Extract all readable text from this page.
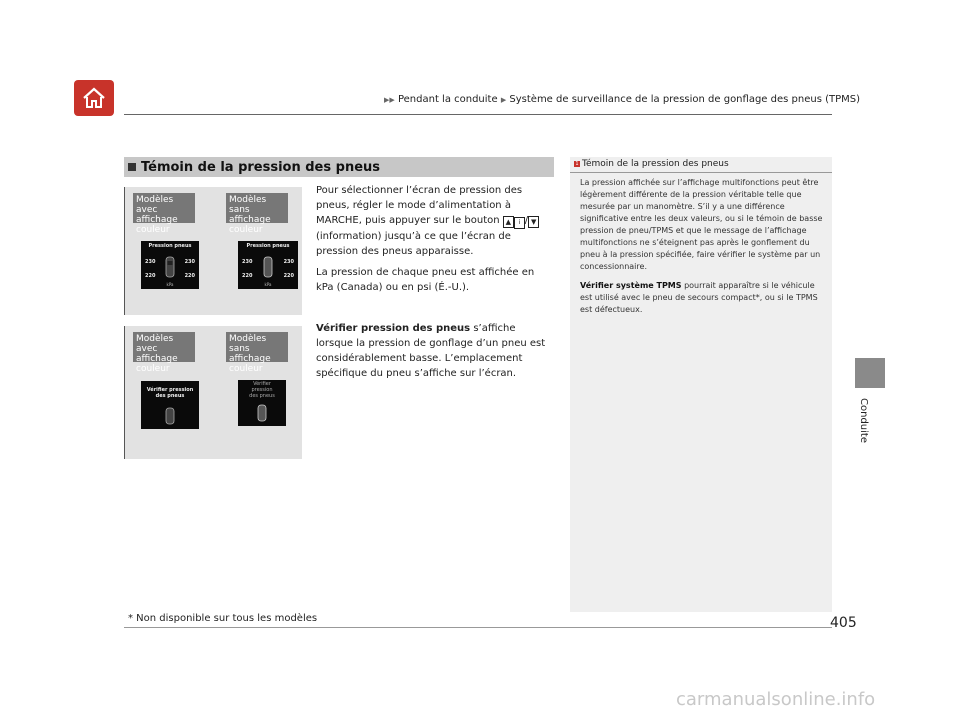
▶▶ Pendant la conduite ▶ Système de surveillance de la pression de gonflage des pneus (TPMS)
Conduite
Témoin de la pression des pneus
Modèles avec affichage couleur
Modèles sans affichage couleur
Pression pneus
230	230
220	220
kPa
Pression pneus
230	230
220	220
kPa
Modèles avec affichage couleur
Modèles sans affichage couleur
Vérifier pression des pneus
Vérifier pression des pneus

Pour sélectionner l’écran de pression des pneus, régler le mode d’alimentation à MARCHE, puis appuyer sur le bouton ▲ i / ▼ (information) jusqu’à ce que l’écran de pression des pneus apparaisse.

La pression de chaque pneu est affichée en kPa (Canada) ou en psi (É.-U.).

Vérifier pression des pneus s’affiche lorsque la pression de gonflage d’un pneu est considérablement basse. L’emplacement spécifique du pneu s’affiche sur l’écran.

1 Témoin de la pression des pneus

La pression affichée sur l’affichage multifonctions peut être légèrement différente de la pression véritable telle que mesurée par un manomètre. S’il y a une différence significative entre les deux valeurs, ou si le témoin de basse pression de pneu/TPMS et que le message de l’affichage multifonctions ne s’éteignent pas après le gonflement du pneu à la pression spécifiée, faire vérifier le système par un concessionnaire.

Vérifier système TPMS pourrait apparaître si le véhicule est utilisé avec le pneu de secours compact*, ou si le TPMS est défectueux.

* Non disponible sur tous les modèles	405
carmanualsonline.info
